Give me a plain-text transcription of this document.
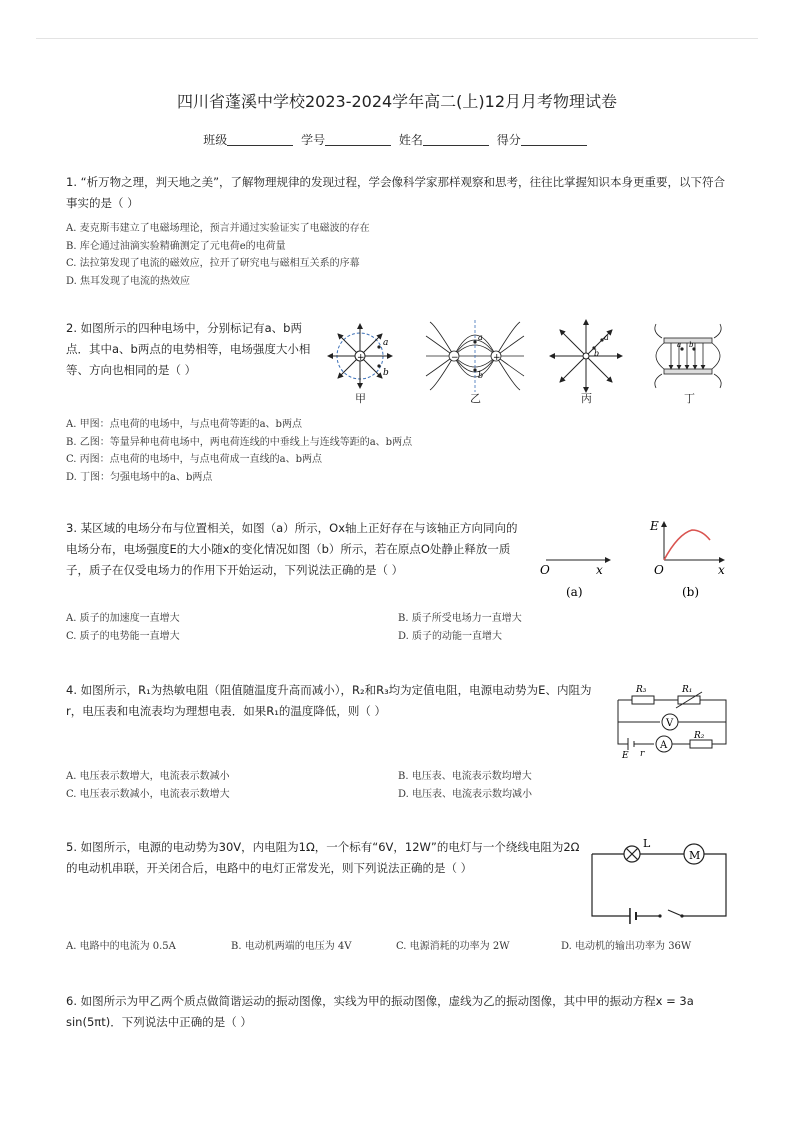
四川省蓬溪中学校2023-2024学年高二(上)12月月考物理试卷
班级	学号	姓名	得分
1. “析万物之理，判天地之美”，了解物理规律的发现过程，学会像科学家那样观察和思考，往往比掌握知识本身更重要，以下符合事实的是（ ）
A. 麦克斯韦建立了电磁场理论，预言并通过实验证实了电磁波的存在
B. 库仑通过油滴实验精确测定了元电荷e的电荷量
C. 法拉第发现了电流的磁效应，拉开了研究电与磁相互关系的序幕
D. 焦耳发现了电流的热效应
2. 如图所示的四种电场中，分别标记有a、b两点．其中a、b两点的电势相等，电场强度大小相等、方向也相同的是（ ）
+
a
b
甲
−	+
a
b
乙
a
b
丙
a b
丁
A. 甲图：点电荷的电场中，与点电荷等距的a、b两点
B. 乙图：等量异种电荷电场中，两电荷连线的中垂线上与连线等距的a、b两点
C. 丙图：点电荷的电场中，与点电荷成一直线的a、b两点
D. 丁图：匀强电场中的a、b两点
3. 某区域的电场分布与位置相关，如图（a）所示，Ox轴上正好存在与该轴正方向同向的电场分布，电场强度E的大小随x的变化情况如图（b）所示，若在原点O处静止释放一质子，质子在仅受电场力的作用下开始运动，下列说法正确的是（ ）	O	x
(a)
E
O	x
(b)
A. 质子的加速度一直增大	B. 质子所受电场力一直增大
C. 质子的电势能一直增大	D. 质子的动能一直增大
4. 如图所示，R₁为热敏电阻（阻值随温度升高而减小），R₂和R₃均为定值电阻，电源电动势为E、内阻为r，电压表和电流表均为理想电表．如果R₁的温度降低，则（ ）
R₃	R₁
R₂
V
A
E r
A. 电压表示数增大，电流表示数减小	B. 电压表、电流表示数均增大
C. 电压表示数减小，电流表示数增大	D. 电压表、电流表示数均减小
5. 如图所示，电源的电动势为30V，内电阻为1Ω，一个标有“6V，12W”的电灯与一个绕线电阻为2Ω的电动机串联，开关闭合后，电路中的电灯正常发光，则下列说法正确的是（ ）
L
M
A. 电路中的电流为 0.5A	B. 电动机两端的电压为 4V	C. 电源消耗的功率为 2W	D. 电动机的输出功率为 36W
6. 如图所示为甲乙两个质点做简谐运动的振动图像，实线为甲的振动图像，虚线为乙的振动图像，其中甲的振动方程x = 3a sin(5πt)．下列说法中正确的是（ ）
